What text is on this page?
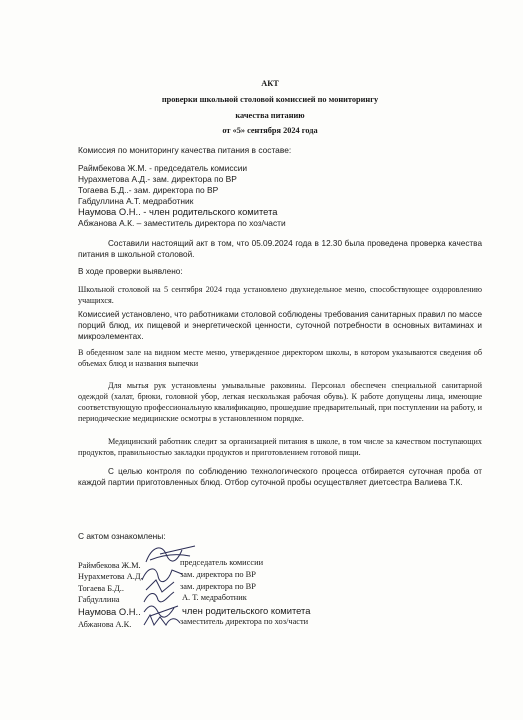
АКТ

проверки школьной столовой комиссией по мониторингу

качества питанию

от «5» сентября 2024 года

Комиссия по мониторингу качества питания в составе:

Раймбекова Ж.М. - председатель комиссии

Нурахметова А.Д.- зам. директора по ВР

Тогаева Б.Д..- зам. директора по ВР

Габдуллина А.Т. медработник

Наумова О.Н.. - член родительского комитета

Абжанова А.К. – заместитель директора по хоз/части

Составили настоящий акт в том, что 05.09.2024 года в 12.30 была проведена проверка качества питания в школьной столовой.

В ходе проверки выявлено:

Школьной столовой на 5 сентября 2024 года установлено двухнедельное меню, способствующее оздоровлению учащихся.

Комиссией установлено, что работниками столовой соблюдены требования санитарных правил по массе порций блюд, их пищевой и энергетической ценности, суточной потребности в основных витаминах и микроэлементах.

В обеденном зале на видном месте меню, утвержденное директором школы, в котором указываются сведения об объемах блюд и названия выпечки

Для мытья рук установлены умывальные раковины. Персонал обеспечен специальной санитарной одеждой (халат, брюки, головной убор, легкая нескользкая рабочая обувь). К работе допущены лица, имеющие соответствующую профессиональную квалификацию, прошедшие предварительный, при поступлении на работу, и периодические медицинские осмотры в установленном порядке.

Медицинский работник следит за организацией питания в школе, в том числе за качеством поступающих продуктов, правильностью закладки продуктов и приготовлением готовой пищи.

С целью контроля по соблюдению технологического процесса отбирается суточная проба от каждой партии приготовленных блюд. Отбор суточной пробы осуществляет диетсестра Валиева Т.К.

С актом ознакомлены:

Раймбекова Ж.М.	председатель комиссии

Нурахметова А.Д.	зам. директора по ВР

Тогаева Б.Д..	зам. директора по ВР

Габдуллина	А. Т. медработник

Наумова О.Н..	член родительского комитета

Абжанова А.К.	заместитель директора по хоз/части
